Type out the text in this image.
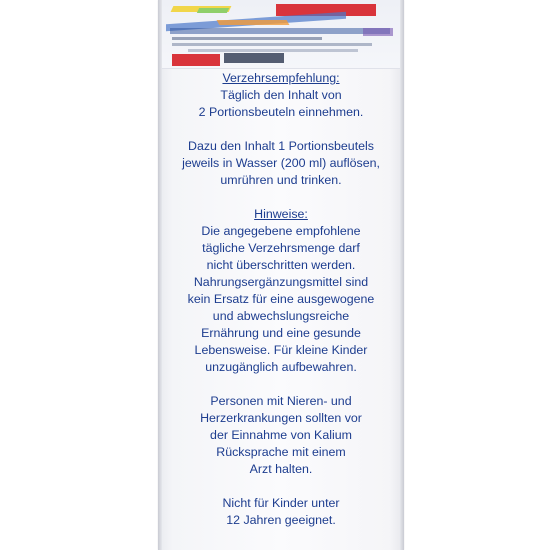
Verzehrsempfehlung:
Täglich den Inhalt von
2 Portionsbeuteln einnehmen.
Dazu den Inhalt 1 Portionsbeutels
jeweils in Wasser (200 ml) auflösen,
umrühren und trinken.
Hinweise:
Die angegebene empfohlene
tägliche Verzehrsmenge darf
nicht überschritten werden.
Nahrungsergänzungsmittel sind
kein Ersatz für eine ausgewogene
und abwechslungsreiche
Ernährung und eine gesunde
Lebensweise. Für kleine Kinder
unzugänglich aufbewahren.
Personen mit Nieren- und
Herzerkrankungen sollten vor
der Einnahme von Kalium
Rücksprache mit einem
Arzt halten.
Nicht für Kinder unter
12 Jahren geeignet.
